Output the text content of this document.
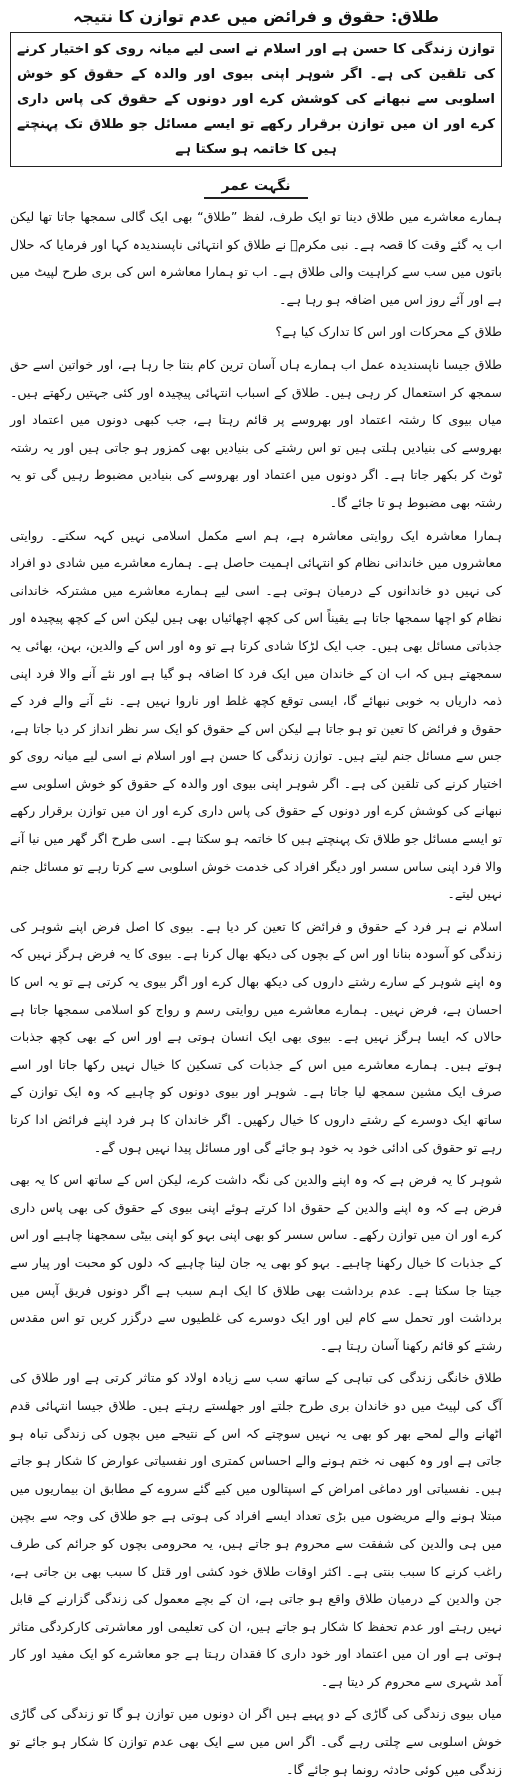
طلاق: حقوق و فرائض میں عدم توازن کا نتیجہ
توازن زندگی کا حسن ہے اور اسلام نے اسی لیے میانہ روی کو اختیار کرنے کی تلقین کی ہے۔ اگر شوہر اپنی بیوی اور والدہ کے حقوق کو خوش اسلوبی سے نبھانے کی کوشش کرے اور دونوں کے حقوق کی پاس داری کرے اور ان میں توازن برقرار رکھے تو ایسے مسائل جو طلاق تک پہنچتے ہیں کا خاتمہ ہو سکتا ہے
نگہت عمر

ہمارے معاشرے میں طلاق دینا تو ایک طرف، لفظ ”طلاق“ بھی ایک گالی سمجھا جاتا تھا لیکن اب یہ گئے وقت کا قصہ ہے۔ نبی مکرمؐ نے طلاق کو انتہائی ناپسندیدہ کہا اور فرمایا کہ حلال باتوں میں سب سے کراہیت والی طلاق ہے۔ اب تو ہمارا معاشرہ اس کی بری طرح لپیٹ میں ہے اور آئے روز اس میں اضافہ ہو رہا ہے۔

طلاق کے محرکات اور اس کا تدارک کیا ہے؟

طلاق جیسا ناپسندیدہ عمل اب ہمارے ہاں آسان ترین کام بنتا جا رہا ہے، اور خواتین اسے حق سمجھ کر استعمال کر رہی ہیں۔ طلاق کے اسباب انتہائی پیچیدہ اور کئی جہتیں رکھتے ہیں۔ میاں بیوی کا رشتہ اعتماد اور بھروسے پر قائم رہتا ہے، جب کبھی دونوں میں اعتماد اور بھروسے کی بنیادیں ہلتی ہیں تو اس رشتے کی بنیادیں بھی کمزور ہو جاتی ہیں اور یہ رشتہ ٹوٹ کر بکھر جاتا ہے۔ اگر دونوں میں اعتماد اور بھروسے کی بنیادیں مضبوط رہیں گی تو یہ رشتہ بھی مضبوط ہو تا جائے گا۔

ہمارا معاشرہ ایک روایتی معاشرہ ہے، ہم اسے مکمل اسلامی نہیں کہہ سکتے۔ روایتی معاشروں میں خاندانی نظام کو انتہائی اہمیت حاصل ہے۔ ہمارے معاشرے میں شادی دو افراد کی نہیں دو خاندانوں کے درمیان ہوتی ہے۔ اسی لیے ہمارے معاشرے میں مشترکہ خاندانی نظام کو اچھا سمجھا جاتا ہے یقیناً اس کی کچھ اچھائیاں بھی ہیں لیکن اس کے کچھ پیچیدہ اور جذباتی مسائل بھی ہیں۔ جب ایک لڑکا شادی کرتا ہے تو وہ اور اس کے والدین، بہن، بھائی یہ سمجھتے ہیں کہ اب ان کے خاندان میں ایک فرد کا اضافہ ہو گیا ہے اور نئے آنے والا فرد اپنی ذمہ داریاں بہ خوبی نبھائے گا، ایسی توقع کچھ غلط اور ناروا نہیں ہے۔ نئے آنے والے فرد کے حقوق و فرائض کا تعین تو ہو جاتا ہے لیکن اس کے حقوق کو ایک سر نظر انداز کر دیا جاتا ہے، جس سے مسائل جنم لیتے ہیں۔ توازن زندگی کا حسن ہے اور اسلام نے اسی لیے میانہ روی کو اختیار کرنے کی تلقین کی ہے۔ اگر شوہر اپنی بیوی اور والدہ کے حقوق کو خوش اسلوبی سے نبھانے کی کوشش کرے اور دونوں کے حقوق کی پاس داری کرے اور ان میں توازن برقرار رکھے تو ایسے مسائل جو طلاق تک پہنچتے ہیں کا خاتمہ ہو سکتا ہے۔ اسی طرح اگر گھر میں نیا آنے والا فرد اپنی ساس سسر اور دیگر افراد کی خدمت خوش اسلوبی سے کرتا رہے تو مسائل جنم نہیں لیتے۔

اسلام نے ہر فرد کے حقوق و فرائض کا تعین کر دیا ہے۔ بیوی کا اصل فرض اپنے شوہر کی زندگی کو آسودہ بنانا اور اس کے بچوں کی دیکھ بھال کرنا ہے۔ بیوی کا یہ فرض ہرگز نہیں کہ وہ اپنے شوہر کے سارے رشتے داروں کی دیکھ بھال کرے اور اگر بیوی یہ کرتی ہے تو یہ اس کا احسان ہے، فرض نہیں۔ ہمارے معاشرے میں روایتی رسم و رواج کو اسلامی سمجھا جاتا ہے حالاں کہ ایسا ہرگز نہیں ہے۔ بیوی بھی ایک انسان ہوتی ہے اور اس کے بھی کچھ جذبات ہوتے ہیں۔ ہمارے معاشرے میں اس کے جذبات کی تسکین کا خیال نہیں رکھا جاتا اور اسے صرف ایک مشین سمجھ لیا جاتا ہے۔ شوہر اور بیوی دونوں کو چاہیے کہ وہ ایک توازن کے ساتھ ایک دوسرے کے رشتے داروں کا خیال رکھیں۔ اگر خاندان کا ہر فرد اپنے فرائض ادا کرتا رہے تو حقوق کی ادائی خود بہ خود ہو جائے گی اور مسائل پیدا نہیں ہوں گے۔

شوہر کا یہ فرض ہے کہ وہ اپنے والدین کی نگہ داشت کرے، لیکن اس کے ساتھ اس کا یہ بھی فرض ہے کہ وہ اپنے والدین کے حقوق ادا کرتے ہوئے اپنی بیوی کے حقوق کی بھی پاس داری کرے اور ان میں توازن رکھے۔ ساس سسر کو بھی اپنی بہو کو اپنی بیٹی سمجھنا چاہیے اور اس کے جذبات کا خیال رکھنا چاہیے۔ بہو کو بھی یہ جان لینا چاہیے کہ دلوں کو محبت اور پیار سے جیتا جا سکتا ہے۔ عدم برداشت بھی طلاق کا ایک اہم سبب ہے اگر دونوں فریق آپس میں برداشت اور تحمل سے کام لیں اور ایک دوسرے کی غلطیوں سے درگزر کریں تو اس مقدس رشتے کو قائم رکھنا آسان رہتا ہے۔

طلاق خانگی زندگی کی تباہی کے ساتھ سب سے زیادہ اولاد کو متاثر کرتی ہے اور طلاق کی آگ کی لپیٹ میں دو خاندان بری طرح جلتے اور جھلستے رہتے ہیں۔ طلاق جیسا انتہائی قدم اٹھانے والے لمحے بھر کو بھی یہ نہیں سوچتے کہ اس کے نتیجے میں بچوں کی زندگی تباہ ہو جاتی ہے اور وہ کبھی نہ ختم ہونے والے احساس کمتری اور نفسیاتی عوارض کا شکار ہو جاتے ہیں۔ نفسیاتی اور دماغی امراض کے اسپتالوں میں کیے گئے سروے کے مطابق ان بیماریوں میں مبتلا ہونے والے مریضوں میں بڑی تعداد ایسے افراد کی ہوتی ہے جو طلاق کی وجہ سے بچپن میں ہی والدین کی شفقت سے محروم ہو جاتے ہیں، یہ محرومی بچوں کو جرائم کی طرف راغب کرنے کا سبب بنتی ہے۔ اکثر اوقات طلاق خود کشی اور قتل کا سبب بھی بن جاتی ہے، جن والدین کے درمیان طلاق واقع ہو جاتی ہے، ان کے بچے معمول کی زندگی گزارنے کے قابل نہیں رہتے اور عدم تحفظ کا شکار ہو جاتے ہیں، ان کی تعلیمی اور معاشرتی کارکردگی متاثر ہوتی ہے اور ان میں اعتماد اور خود داری کا فقدان رہتا ہے جو معاشرے کو ایک مفید اور کار آمد شہری سے محروم کر دیتا ہے۔

میاں بیوی زندگی کی گاڑی کے دو پہیے ہیں اگر ان دونوں میں توازن ہو گا تو زندگی کی گاڑی خوش اسلوبی سے چلتی رہے گی۔ اگر اس میں سے ایک بھی عدم توازن کا شکار ہو جائے تو زندگی میں کوئی حادثہ رونما ہو جائے گا۔
